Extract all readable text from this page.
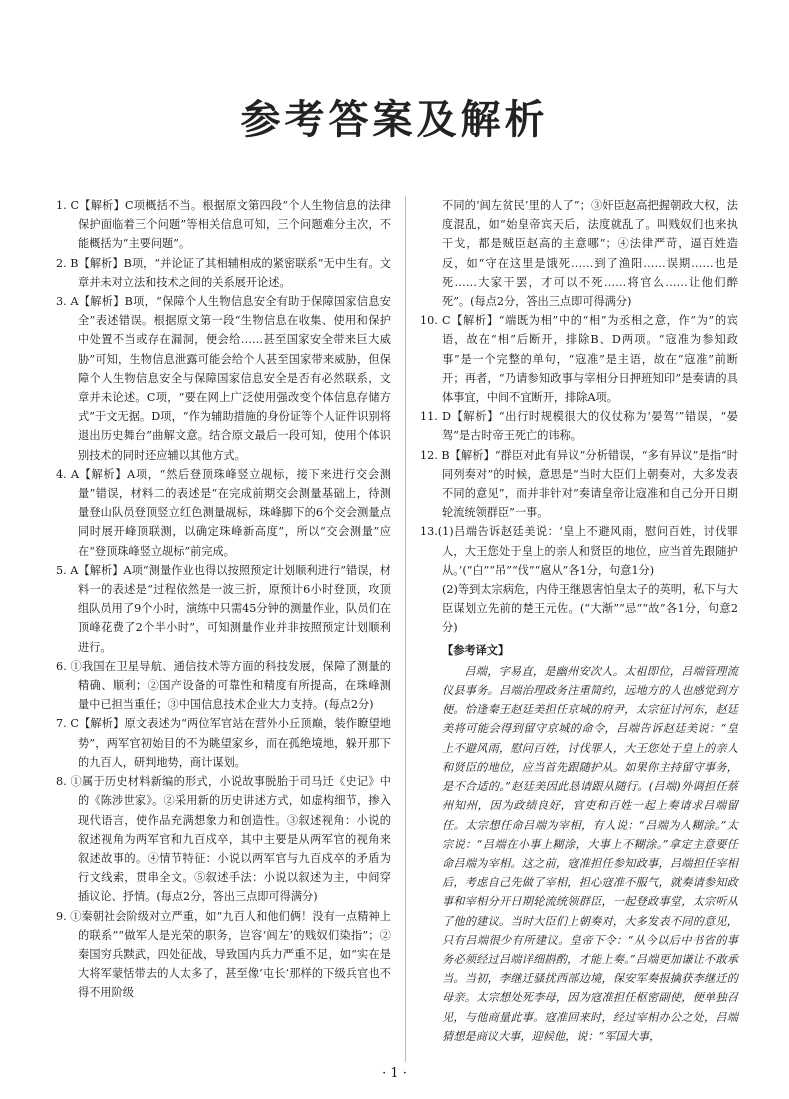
参考答案及解析

1. C【解析】C项概括不当。根据原文第四段“个人生物信息的法律保护面临着三个问题”等相关信息可知，三个问题难分主次，不能概括为“主要问题”。

2. B【解析】B项，“并论证了其相辅相成的紧密联系”无中生有。文章并未对立法和技术之间的关系展开论述。

3. A【解析】B项，“保障个人生物信息安全有助于保障国家信息安全”表述错误。根据原文第一段“生物信息在收集、使用和保护中处置不当或存在漏洞，便会给……甚至国家安全带来巨大威胁”可知，生物信息泄露可能会给个人甚至国家带来威胁，但保障个人生物信息安全与保障国家信息安全是否有必然联系，文章并未论述。C项，“要在网上广泛使用强改变个体信息存储方式”于文无据。D项，“作为辅助措施的身份证等个人证件识别将退出历史舞台”曲解文意。结合原文最后一段可知，使用个体识别技术的同时还应辅以其他方式。

4. A【解析】A项，“然后登顶珠峰竖立觇标，接下来进行交会测量”错误，材料二的表述是“在完成前期交会测量基础上，待测量登山队员登顶竖立红色测量觇标，珠峰脚下的6个交会测量点同时展开峰顶联测，以确定珠峰新高度”，所以“交会测量”应在“登顶珠峰竖立觇标”前完成。

5. A【解析】A项“测量作业也得以按照预定计划顺利进行”错误，材料一的表述是“过程依然是一波三折，原预计6小时登顶，攻顶组队员用了9个小时，演练中只需45分钟的测量作业，队员们在顶峰花费了2个半小时”，可知测量作业并非按照预定计划顺利进行。

6. ①我国在卫星导航、通信技术等方面的科技发展，保障了测量的精确、顺利；②国产设备的可靠性和精度有所提高，在珠峰测量中已担当重任；③中国信息技术企业大力支持。(每点2分)

7. C【解析】原文表述为“两位军官站在营外小丘顶巅，装作瞭望地势”，两军官初始目的不为眺望家乡，而在孤绝境地，躲开那下的九百人，研判地势，商计谋划。

8. ①属于历史材料新编的形式，小说故事脱胎于司马迁《史记》中的《陈涉世家》。②采用新的历史讲述方式，如虚构细节，掺入现代语言，使作品充满想象力和创造性。③叙述视角：小说的叙述视角为两军官和九百戍卒，其中主要是从两军官的视角来叙述故事的。④情节特征：小说以两军官与九百戍卒的矛盾为行文线索，贯串全文。⑤叙述手法：小说以叙述为主，中间穿插议论、抒情。(每点2分，答出三点即可得满分)

9. ①秦朝社会阶级对立严重，如“九百人和他们俩！没有一点精神上的联系”“做军人是光荣的职务，岂容‘闾左’的贱奴们染指”；②秦国穷兵黩武，四处征战，导致国内兵力严重不足，如“实在是大将军蒙恬带去的人太多了，甚至像‘屯长’那样的下级兵官也不得不用阶级

不同的‘闾左贫民’里的人了”；③奸臣赵高把握朝政大权，法度混乱，如“始皇帝宾天后，法度就乱了。叫贱奴们也来执干戈，都是贼臣赵高的主意哪”；④法律严苛，逼百姓造反，如“守在这里是饿死……到了渔阳……误期……也是死……大家干罢，才可以不死……将官么……让他们醉死”。(每点2分，答出三点即可得满分)

10. C【解析】“端既为相”中的“相”为丞相之意，作“为”的宾语，故在“相”后断开，排除B、D两项。“寇准为参知政事”是一个完整的单句，“寇准”是主语，故在“寇准”前断开；再者，“乃请参知政事与宰相分日押班知印”是奏请的具体事宜，中间不宜断开，排除A项。

11. D【解析】“出行时规模很大的仪仗称为‘晏驾’”错误，“晏驾”是古时帝王死亡的讳称。

12. B【解析】“群臣对此有异议”分析错误，“多有异议”是指“时同列奏对”的时候，意思是“当时大臣们上朝奏对，大多发表不同的意见”，而并非针对“奏请皇帝让寇准和自己分开日期轮流统领群臣”一事。

13.(1)吕端告诉赵廷美说：‘皇上不避风雨，慰问百姓，讨伐罪人，大王您处于皇上的亲人和贤臣的地位，应当首先跟随护从。’(“白”“吊”“伐”“扈从”各1分，句意1分)

(2)等到太宗病危，内侍王继恩害怕皇太子的英明，私下与大臣谋划立先前的楚王元佐。(“大渐”“忌”“故”各1分，句意2分)

【参考译文】

吕端，字易直，是幽州安次人。太祖即位，吕端管理流仪县事务。吕端治理政务注重简约，远地方的人也感觉到方便。恰逢秦王赵廷美担任京城的府尹，太宗征讨河东，赵廷美将可能会得到留守京城的命令，吕端告诉赵廷美说：“皇上不避风雨，慰问百姓，讨伐罪人，大王您处于皇上的亲人和贤臣的地位，应当首先跟随护从。如果你主持留守事务，是不合适的。”赵廷美因此恳请跟从随行。(吕端)外调担任蔡州知州，因为政绩良好，官吏和百姓一起上奏请求吕端留任。太宗想任命吕端为宰相，有人说：“吕端为人糊涂。”太宗说：“吕端在小事上糊涂，大事上不糊涂。”拿定主意要任命吕端为宰相。这之前，寇准担任参知政事，吕端担任宰相后，考虑自己先做了宰相，担心寇准不服气，就奏请参知政事和宰相分开日期轮流统领群臣，一起登政事堂，太宗听从了他的建议。当时大臣们上朝奏对，大多发表不同的意见，只有吕端很少有所建议。皇帝下令：“从今以后中书省的事务必须经过吕端详细斟酌，才能上奏。”吕端更加谦让不敢承当。当初，李继迁骚扰西部边境，保安军奏报擒获李继迁的母亲。太宗想处死李母，因为寇准担任枢密副使，便单独召见，与他商量此事。寇准回来时，经过宰相办公之处，吕端猜想是商议大事，迎候他，说：“军国大事，

· 1 ·
